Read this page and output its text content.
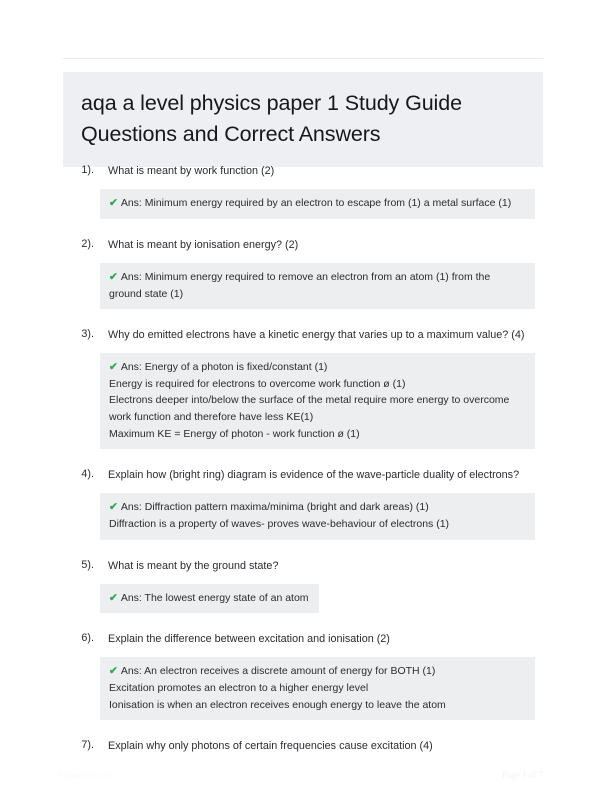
aqa a level physics paper 1 Study Guide Questions and Correct Answers
1).	What is meant by work function (2)
✔ Ans: Minimum energy required by an electron to escape from (1) a metal surface (1)
2).	What is meant by ionisation energy? (2)
✔ Ans: Minimum energy required to remove an electron from an atom (1) from the ground state (1)
3).	Why do emitted electrons have a kinetic energy that varies up to a maximum value? (4)
✔ Ans: Energy of a photon is fixed/constant (1)
Energy is required for electrons to overcome work function ø (1)
Electrons deeper into/below the surface of the metal require more energy to overcome work function and therefore have less KE(1)
Maximum KE = Energy of photon - work function ø (1)
4).	Explain how (bright ring) diagram is evidence of the wave-particle duality of electrons?
✔ Ans: Diffraction pattern maxima/minima (bright and dark areas) (1)
Diffraction is a property of waves- proves wave-behaviour of electrons (1)
5).	What is meant by the ground state?
✔ Ans: The lowest energy state of an atom
6).	Explain the difference between excitation and ionisation (2)
✔ Ans: An electron receives a discrete amount of energy for BOTH (1)
Excitation promotes an electron to a higher energy level
Ionisation is when an electron receives enough energy to leave the atom
7).	Explain why only photons of certain frequencies cause excitation (4)
PaperStic.com	Page 1 of 7
